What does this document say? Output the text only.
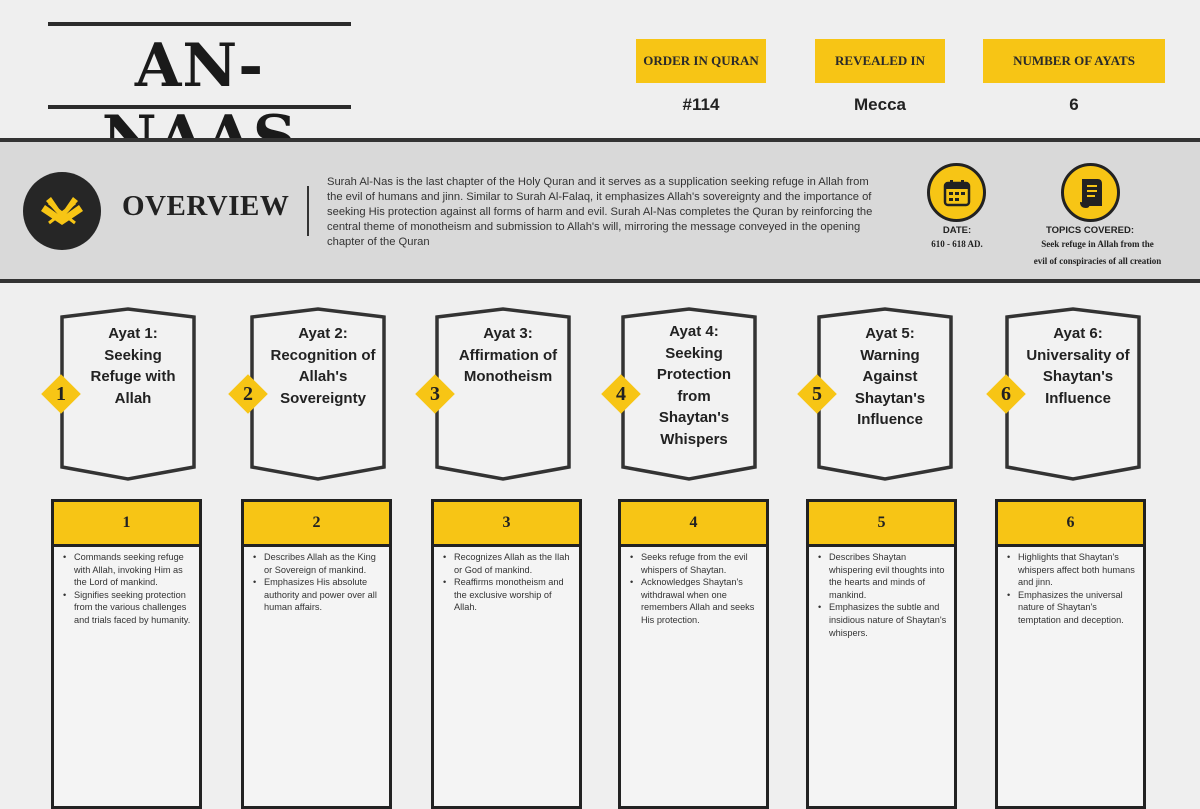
AN-	ORDER IN QURAN
#114
REVEALED IN
Mecca
NUMBER OF AYATS
6
OVERVIEW
Surah Al-Nas is the last chapter of the Holy Quran and it serves as a supplication seeking refuge in Allah from the evil of humans and jinn. Similar to Surah Al-Falaq, it emphasizes Allah's sovereignty and the importance of seeking His protection against all forms of harm and evil. Surah Al-Nas completes the Quran by reinforcing the central theme of monotheism and submission to Allah's will, mirroring the message conveyed in the opening chapter of the Quran
DATE:
610 - 618 AD.
TOPICS COVERED:
Seek refuge in Allah from the
evil of conspiracies of all creation
Ayat 1: Seeking Refuge with Allah
1
Ayat 2: Recognition of Allah's Sovereignty
2
Ayat 3: Affirmation of Monotheism
3
Ayat 4: Seeking Protection from Shaytan's Whispers
4
Ayat 5: Warning Against Shaytan's Influence
5
Ayat 6: Universality of Shaytan's Influence
6
1
• Commands seeking refuge with Allah, invoking Him as the Lord of mankind.
• Signifies seeking protection from the various challenges and trials faced by humanity.
2
• Describes Allah as the King or Sovereign of mankind.
• Emphasizes His absolute authority and power over all human affairs.
3
• Recognizes Allah as the Ilah or God of mankind.
• Reaffirms monotheism and the exclusive worship of Allah.
4
• Seeks refuge from the evil whispers of Shaytan.
• Acknowledges Shaytan's withdrawal when one remembers Allah and seeks His protection.
5
• Describes Shaytan whispering evil thoughts into the hearts and minds of mankind.
• Emphasizes the subtle and insidious nature of Shaytan's whispers.
6
• Highlights that Shaytan's whispers affect both humans and jinn.
• Emphasizes the universal nature of Shaytan's temptation and deception.
